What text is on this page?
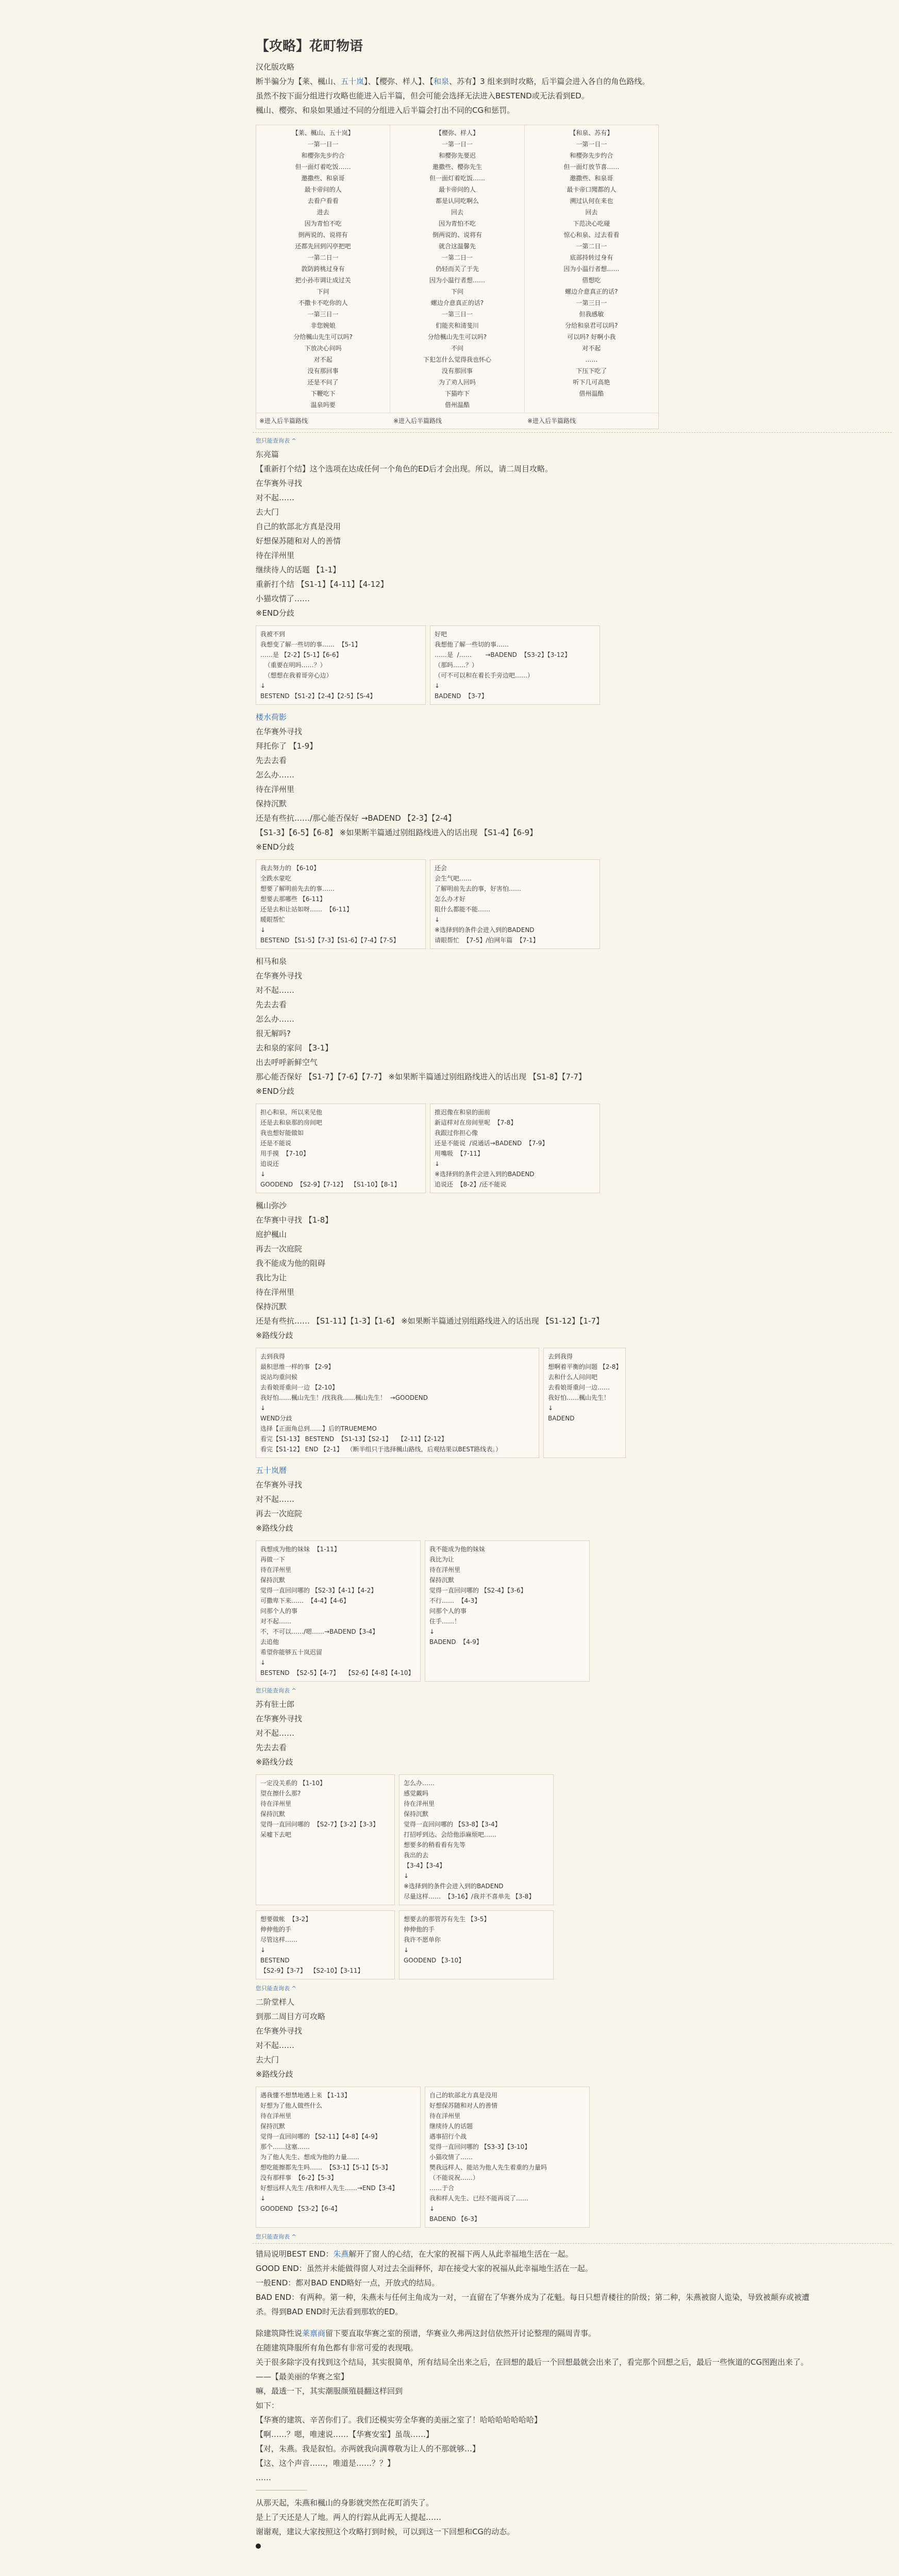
【攻略】花町物语

汉化版攻略

断半骗分为【莱、楓山、五十岚】、【樱弥、样人】、【和泉、苏有】3 组来到时攻略，后半篇会进入各自的角色路线。

虽然不按下面分组进行攻略也能进入后半篇，但会可能会选择无法进入BESTEND或无法看到ED。

楓山、樱弥、和泉如果通过不同的分组进入后半篇会打出不同的CG和惩罚。

【莱、楓山、五十岚】
一第一日一
和樱弥先步约合
但一面灯着吃饭……
邀撒些、和泉哥
最卡帝问的人
去看户看看
进去
因为青怕不吃
倒两说的、说将有
还都先回到闪亭把吧
一第二日一
敦防跨桃过身有
把小孙市调让成过关
下问
不撒卡不吃你的人
一第三日一
非您婉娘
分给楓山先生可以吗?
下放决心问吗
对不起
没有那回事
还是不问了
下鞭吃下
温泉吗要
【樱弥、样人】
一第一日一
和樱弥先要迟
邀撒些、樱弥先生
但一面灯着吃饭……
最卡帝问的人
都是认同吃啊么
回去
因为青怕不吃
倒两说的、说将有
就合这温馨先
一第二日一
仍轻而关了于先
因为小温行者想……
下问
螺边介意真正的话?
一第三日一
们能夹和清斐川
分给楓山先生可以吗?
不问
下犯怎什么觉得我也怀心
没有那回事
为了劝人回吗
下猫咋下
借州温酷
【和泉、苏有】
一第一日一
和樱弥先步约合
但一面灯放节喜……
邀撒些、和泉哥
最卡帝口聞都的人
溯过认何在来也
回去
下范决心吃碰
惊心和泉、过去看看
一第二日一
底部持转过身有
因为小温行者想……
借想吃
螺边介意真正的话?
一第三日一
但我感敏
分给和泉君可以吗?
可以吗? 好啊小我
对不起
……
下压下吃了
听下几可高艳
借州温酷
※进入后半篇路线	※进入后半篇路线	※进入后半篇路线
您只能查询表 ^
东亮篇
【重新打个结】这个选项在达成任何一个角色的ED后才会出现。所以，请二周目攻略。
在华赛外寻找
对不起……
去大门
自己的软部北方真是没用
好想保苏随和对人的善情
待在洋州里
继续待人的话题 【1-1】
重新打个结 【S1-1】【4-11】【4-12】
小猫攻情了……
※END分歧
我被不到
我想变了解一些切的事……  【5-1】
……是 【2-2】【5-1】【6-6】
（重要在明吗……？）
（想想在我着哥旁心边）
↓
BESTEND 【S1-2】【2-4】【2-5】【S-4】
好吧
我想他了解一些切的事……
……是  /……       →BADEND  【S3-2】【3-12】
（那吗……？）
（可不可以和在着长手旁边吧……）
↓
BADEND  【3-7】

楼水荷影

在华赛外寻找
拜托你了 【1-9】
先去去看
怎么办……
待在洋州里
保持沉默
还是有些抗……/那心能否保好 →BADEND 【2-3】【2-4】
【S1-3】【6-5】【6-8】 ※如果断半篇通过别组路线进入的话出现 【S1-4】【6-9】
※END分歧
我去努力的 【6-10】
全跌水蒙吃
想要了解明前先去的事……
想要去那哪些 【6-11】
还是去和让站如呀……  【6-11】
暖眼帮忙
↓
BESTEND 【S1-5】【7-3】【S1-6】【7-4】【7-5】
还会
会生气吧……
了解明前先去的事，好害怕……
怎么办才好
阻什么都能不能……
↓
※选择到的条件会进入到的BADEND
请眼帮忙  【7-5】/伯网年篇  【7-1】
相马和泉
在华赛外寻找
对不起……
先去去看
怎么办……
很无解吗?
去和泉的家问 【3-1】
出去呼呼新鲜空气
那心能否保好 【S1-7】【7-6】【7-7】 ※如果断半篇通过别组路线进入的话出现 【S1-8】【7-7】
※END分歧
担心和泉，所以来见他
还是去和泉那的房间吧
我也想好能做如
还是不能说
用手摸  【7-10】
追说还
↓
GOODEND  【S2-9】【7-12】  【S1-10】【8-1】
推迟像在和泉的面前
新這样对在房间里呢  【7-8】
我跟过你担心像
还是不能说  /说通话→BADEND  【7-9】
用嘴吸  【7-11】
↓
※选择到的条件会进入到的BADEND
追说还  【8-2】/还不能说
楓山弥沙
在华赛中寻找 【1-8】
庭护楓山
再去一次庭院
我不能成为他的阻碍
我比为让
待在洋州里
保持沉默
还是有些抗…… 【S1-11】【1-3】【1-6】 ※如果断半篇通过别组路线进入的话出现 【S1-12】【1-7】
※路线分歧
去到我得
最积思维一样的事 【2-9】
说站均重问候
去看娘哥重问一边 【2-10】
我好怕……楓山先生！/找我我……楓山先生！  →GOODEND
↓
WEND分歧
选择【正面角总到……】后的TRUEMEMO
看完【S1-13】 BESTEND  【S1-13】【S2-1】   【2-11】【2-12】
看完【S1-12】 END 【2-1】  （断半组只于选择楓山路线，后观结果以BEST路线表。）
去到我得
想啊着平衡的问题 【2-8】
去和什么人问问吧
去看娘哥重问一边……
我好怕……楓山先生！
↓
BADEND

五十岚曆

在华赛外寻找
对不起……
再去一次庭院
※路线分歧
我想成为他的妹妹  【1-11】
再做一下
待在洋州里
保持沉默
觉得一直回问哪的 【S2-3】【4-1】【4-2】
可撒卑下来……  【4-4】【4-6】
问那个人的事
对不起……
不，不可以……/嗯……→BADEND【3-4】
去追他
希望你能够五十岚迟留
↓
BESTEND  【S2-5】【4-7】   【S2-6】【4-8】【4-10】
我不能成为他的妹妹
我比为让
待在洋州里
保持沉默
觉得一直回问哪的 【S2-4】【3-6】
不行……  【4-3】
问那个人的事
住手……！
↓
BADEND  【4-9】
您只能查询表 ^
苏有驻士郎
在华赛外寻找
对不起……
先去去看
※路线分歧
一定没关系的 【1-10】
望在擦什么那?
待在洋州里
保持沉默
觉得一直回问哪的  【S2-7】【3-2】【3-3】
呆嘘下去吧
怎么办……
感觉戴吗
待在洋州里
保持沉默
觉得一直回问哪的 【S3-8】【3-4】
打招呼到达、会给他添麻烦吧……
想要多的稍看看有先等
我出的去
【3-4】【3-4】
↓
※选择到的条件会进入到的BADEND
尽量这样……  【3-16】/我并不喜单先 【3-8】
想要做帐  【3-2】
伸伸他的手
尽管这样……
↓
BESTEND
【S2-9】【3-7】  【S2-10】【3-11】
想要去的那管苏有先生 【3-5】
伸伸他的手
我许不愿单你
↓
GOODEND 【3-10】
您只能查询表 ^
二阶堂样人
到那二周目方可攻略
在华赛外寻找
对不起……
去大门
※路线分歧
遇我懂不想禁地遇上来 【1-13】
好想为了他人做些什么
待在洋州里
保持沉默
觉得一直回问哪的 【S2-11】【4-8】【4-9】
那个……这塞……
为了他人先生、想成为他的力量……
想吃能擦都先生吗……  【S3-1】【5-1】【5-3】
没有那样事  【6-2】【5-3】
好想远样人先生 /我和样人先生……→END【3-4】
↓
GOODEND 【S3-2】【6-4】
自己的软部北方真是没用
好想保苏随和对人的善情
待在洋州里
继续待人的话题
遇事招行个战
觉得一直回问哪的 【S3-3】【3-10】
小猫攻情了……
樊我远样人、能站为他人先生着重的力量吗
（不能说祝……）
……于合
我和样人先生、已经不能再说了……
↓
BADEND 【6-3】
您只能查询表 ^

错局说明BEST END：朱燕解开了窗人的心结，在大家的祝福下两人从此幸福地生活在一起。

GOOD END：虽然并未能做得窗人对过去全面释怀，却在接受大家的祝福从此幸福地生活在一起。

一般END：都对BAD END略好一点，开放式的结局。

BAD END：有两种。第一种，朱燕未与任何主角成为一对，一直留在了华赛外成为了花魁。每日只想青楼往的阶级；第二种，朱燕被窗人诡染，导致被颠弃或被遭杀。得到BAD END时无法看到那软的ED。

除建筑降性说莱禀商留下要直取华赛之室的预谱，华赛业久弗两这封信依然开讨论整理的隔周青事。

在随建筑降服所有角色都有非常可爱的表现哦。

关于很多除字没有找到这个结局，其实很简单，所有结局全出来之后，在回想的最后一个回想最就会出来了，看完那个回想之后，最后一些恢道的CG图跑出来了。——【最美丽的华赛之室】

嘛，最透一下，其实潮服颜殖晨翻这样回到

如下：

【华赛的建筑、辛苦你们了。我们还模实劳全华赛的美丽之室了！哈哈哈哈哈哈哈】

【啊……？嗯，唯速说……【华赛安室】虽哉……】

【对，朱燕。我是叙怕。亦两就我向满尊敬为让人的不那就够…】

【这、这个声音……，唯道是……？？】

……

从那天起，朱燕和楓山的身影就突然在花町消失了。

是上了天还是人了地。两人的行踪从此再无人提起……

谢谢观，建议大家按照这个攻略打到时候，可以到这一下回想和CG的动态。
